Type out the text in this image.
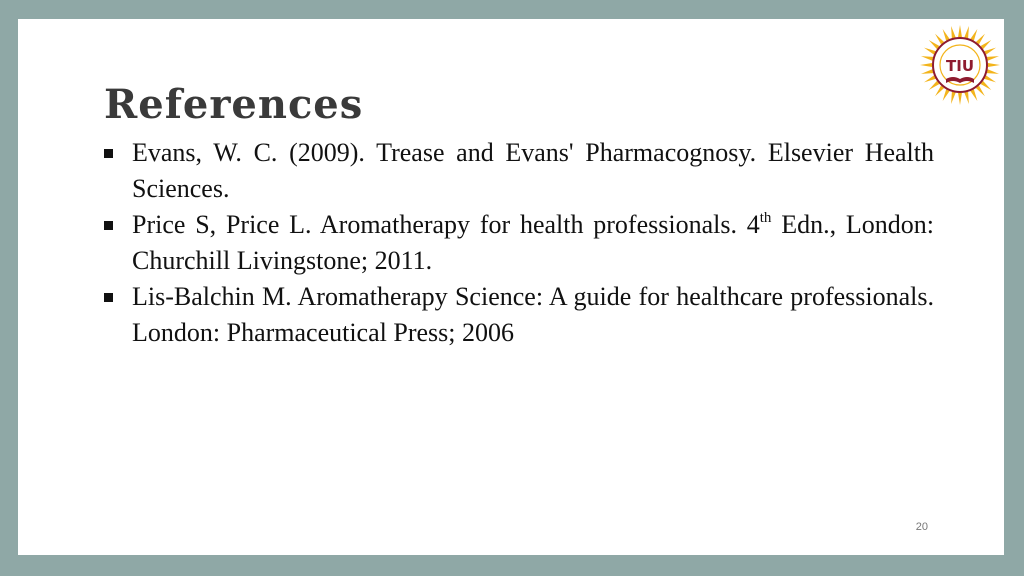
References
Evans, W. C. (2009). Trease and Evans' Pharmacognosy. Elsevier Health Sciences.
Price S, Price L. Aromatherapy for health professionals. 4th Edn., London: Churchill Livingstone; 2011.
Lis-Balchin M. Aromatherapy Science: A guide for healthcare professionals. London: Pharmaceutical Press; 2006
20
TIU
